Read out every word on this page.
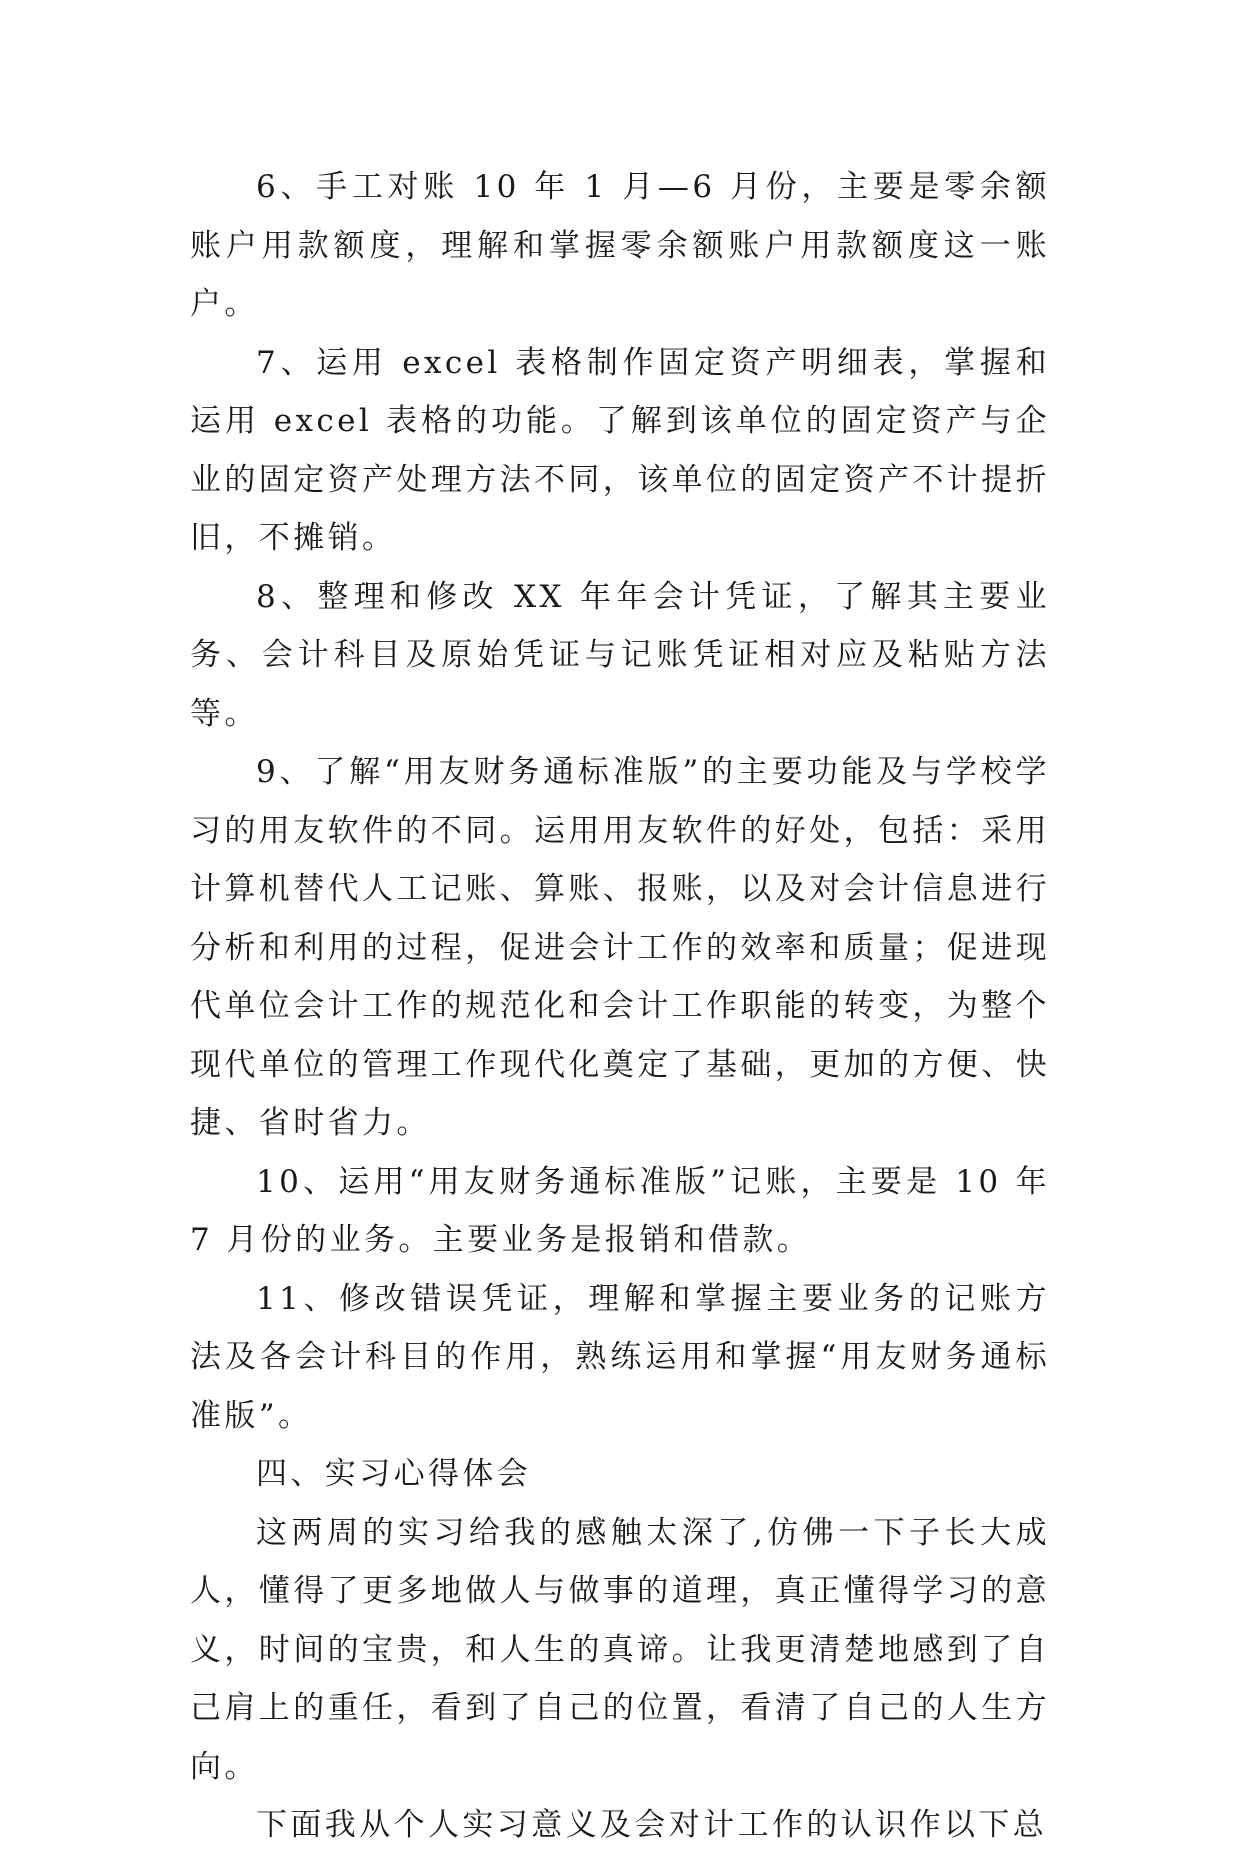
6、手工对账 10 年 1 月—6 月份，主要是零余额账户用款额度，理解和掌握零余额账户用款额度这一账户。

7、运用 excel 表格制作固定资产明细表，掌握和运用 excel 表格的功能。了解到该单位的固定资产与企业的固定资产处理方法不同，该单位的固定资产不计提折旧，不摊销。

8、整理和修改 XX 年年会计凭证，了解其主要业务、会计科目及原始凭证与记账凭证相对应及粘贴方法等。

9、了解“用友财务通标准版”的主要功能及与学校学习的用友软件的不同。运用用友软件的好处，包括：采用计算机替代人工记账、算账、报账，以及对会计信息进行分析和利用的过程，促进会计工作的效率和质量；促进现代单位会计工作的规范化和会计工作职能的转变，为整个现代单位的管理工作现代化奠定了基础，更加的方便、快捷、省时省力。

10、运用“用友财务通标准版”记账，主要是 10 年 7 月份的业务。主要业务是报销和借款。

11、修改错误凭证，理解和掌握主要业务的记账方法及各会计科目的作用，熟练运用和掌握“用友财务通标准版”。

四、实习心得体会

这两周的实习给我的感触太深了,仿佛一下子长大成人，懂得了更多地做人与做事的道理，真正懂得学习的意义，时间的宝贵，和人生的真谛。让我更清楚地感到了自己肩上的重任，看到了自己的位置，看清了自己的人生方向。

下面我从个人实习意义及会对计工作的认识作以下总
